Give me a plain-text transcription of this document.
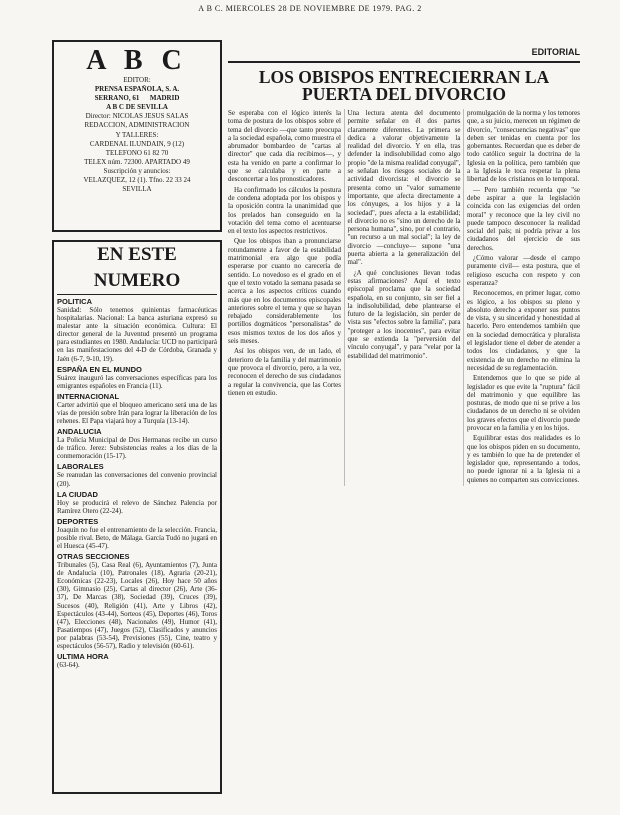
A B C. MIERCOLES 28 DE NOVIEMBRE DE 1979. PAG. 2
A B C
EDITOR:
PRENSA ESPAÑOLA, S. A.
SERRANO, 61      MADRID
A B C DE SEVILLA
Director: NICOLAS JESUS SALAS
REDACCION, ADMINISTRACION
Y TALLERES:
CARDENAL ILUNDAIN, 9 (12)
TELEFONO 61 82 70
TELEX núm. 72300. APARTADO 49
Suscripción y anuncios:
VELAZQUEZ, 12 (1). Tfno. 22 33 24
SEVILLA
EN ESTE NUMERO
POLITICA
Sanidad: Sólo tenemos quinientas farmacéuticas hospitalarias. Nacional: La banca asturiana expresó su malestar ante la situación económica. Cultura: El director general de la Juventud presentó un programa para estudiantes en 1980. Andalucía: UCD no participará en las manifestaciones del 4-D de Córdoba, Granada y Jaén (6-7, 9-10, 19).
ESPAÑA EN EL MUNDO
Suárez inauguró las conversaciones específicas para los emigrantes españoles en Francia (11).
INTERNACIONAL
Carter advirtió que el bloqueo americano será una de las vías de presión sobre Irán para lograr la liberación de los rehenes. El Papa viajará hoy a Turquía (13-14).
ANDALUCIA
La Policía Municipal de Dos Hermanas recibe un curso de tráfico. Jerez: Subsistencias reales a los días de la conmemoración (15-17).
LABORALES
Se reanudan las conversaciones del convenio provincial (20).
LA CIUDAD
Hoy se producirá el relevo de Sánchez Palencia por Ramírez Otero (22-24).
DEPORTES
Joaquín no fue el entrenamiento de la selección. Francia, posible rival. Beto, de Málaga. García Tudó no jugará en el Huesca (45-47).
OTRAS SECCIONES
Tribunales (5), Casa Real (6), Ayuntamientos (7), Junta de Andalucía (10), Patronales (18), Agraria (20-21), Económicas (22-23), Locales (26), Hoy hace 50 años (30), Gimnasio (25), Cartas al director (26), Arte (36-37), De Marcas (38), Sociedad (39), Cruces (39), Sucesos (40), Religión (41), Arte y Libros (42), Espectáculos (43-44), Sorteos (45), Deportes (46), Toros (47), Elecciones (48), Nacionales (49), Humor (41), Pasatiempos (47), Juegos (52), Clasificados y anuncios por palabras (53-54), Previsiones (55), Cine, teatro y espectáculos (56-57), Radio y televisión (60-61).
ULTIMA HORA
(63-64).
EDITORIAL
LOS OBISPOS ENTRECIERRAN LA PUERTA DEL DIVORCIO

Se esperaba con el lógico interés la toma de postura de los obispos sobre el tema del divorcio —que tanto preocupa a la sociedad española, como muestra el abrumador bombardeo de "cartas al director" que cada día recibimos—, y esta ha venido en parte a confirmar lo que se calculaba y en parte a desconcertar a los pronosticadores.

Ha confirmado los cálculos la postura de condena adoptada por los obispos y la oposición contra la unanimidad que los prelados han conseguido en la votación del tema como el acentuarse en el texto los aspectos restrictivos.

Que los obispos iban a pronunciarse rotundamente a favor de la estabilidad matrimonial era algo que podía esperarse por cuanto no carecería de sentido. Lo novedoso es el grado en el que el texto votado la semana pasada se acerca a los aspectos críticos cuando más que en los documentos episcopales anteriores sobre el tema y que se hayan rebajado considerablemente los portillos dogmáticos "personalistas" de esos mismos textos de los dos años y seis meses.

Así los obispos ven, de un lado, el deterioro de la familia y del matrimonio que provoca el divorcio, pero, a la vez, reconocen el derecho de sus ciudadanos a regular la convivencia, que las Cortes tienen en estudio.

Una lectura atenta del documento permite señalar en él dos partes claramente diferentes. La primera se dedica a valorar objetivamente la realidad del divorcio. Y en ella, tras defender la indisolubilidad como algo propio "de la misma realidad conyugal", se señalan los riesgos sociales de la actividad divorcista: el divorcio se presenta como un "valor sumamente importante, que afecta directamente a los cónyuges, a los hijos y a la sociedad", pues afecta a la estabilidad; el divorcio no es "sino un derecho de la persona humana", sino, por el contrario, "un recurso a un mal social"; la ley de divorcio —concluye— supone "una puerta abierta a la generalización del mal".

¿A qué conclusiones llevan todas estas afirmaciones? Aquí el texto episcopal proclama que la sociedad española, en su conjunto, sin ser fiel a la indisolubilidad, debe plantearse el futuro de la legislación, sin perder de vista sus "efectos sobre la familia", para "proteger a los inocentes", para evitar que se extienda la "perversión del vínculo conyugal", y para "velar por la estabilidad del matrimonio".

promulgación de la norma y los temores que, a su juicio, merecen un régimen de divorcio, "consecuencias negativas" que deben ser tenidas en cuenta por los gobernantes. Recuerdan que es deber de todo católico seguir la doctrina de la Iglesia en la política, pero también que a la Iglesia le toca respetar la plena libertad de los cristianos en lo temporal.

— Pero también recuerda que "se debe aspirar a que la legislación coincida con las exigencias del orden moral" y reconoce que la ley civil no puede tampoco desconocer la realidad social del país; ni podría privar a los ciudadanos del ejercicio de sus derechos.

¿Cómo valorar —desde el campo puramente civil— esta postura, que el religioso escucha con respeto y con esperanza?

Reconocemos, en primer lugar, como es lógico, a los obispos su pleno y absoluto derecho a exponer sus puntos de vista, y su sinceridad y honestidad al hacerlo. Pero entendemos también que en la sociedad democrática y pluralista el legislador tiene el deber de atender a todos los ciudadanos, y que la existencia de un derecho no elimina la necesidad de su reglamentación.

Entendemos que lo que se pide al legislador es que evite la "ruptura" fácil del matrimonio y que equilibre las posturas, de modo que ni se prive a los ciudadanos de un derecho ni se olviden los graves efectos que el divorcio puede provocar en la familia y en los hijos.

Equilibrar estas dos realidades es lo que los obispos piden en su documento, y es también lo que ha de pretender el legislador que, representando a todos, no puede ignorar ni a la Iglesia ni a quienes no comparten sus convicciones.
